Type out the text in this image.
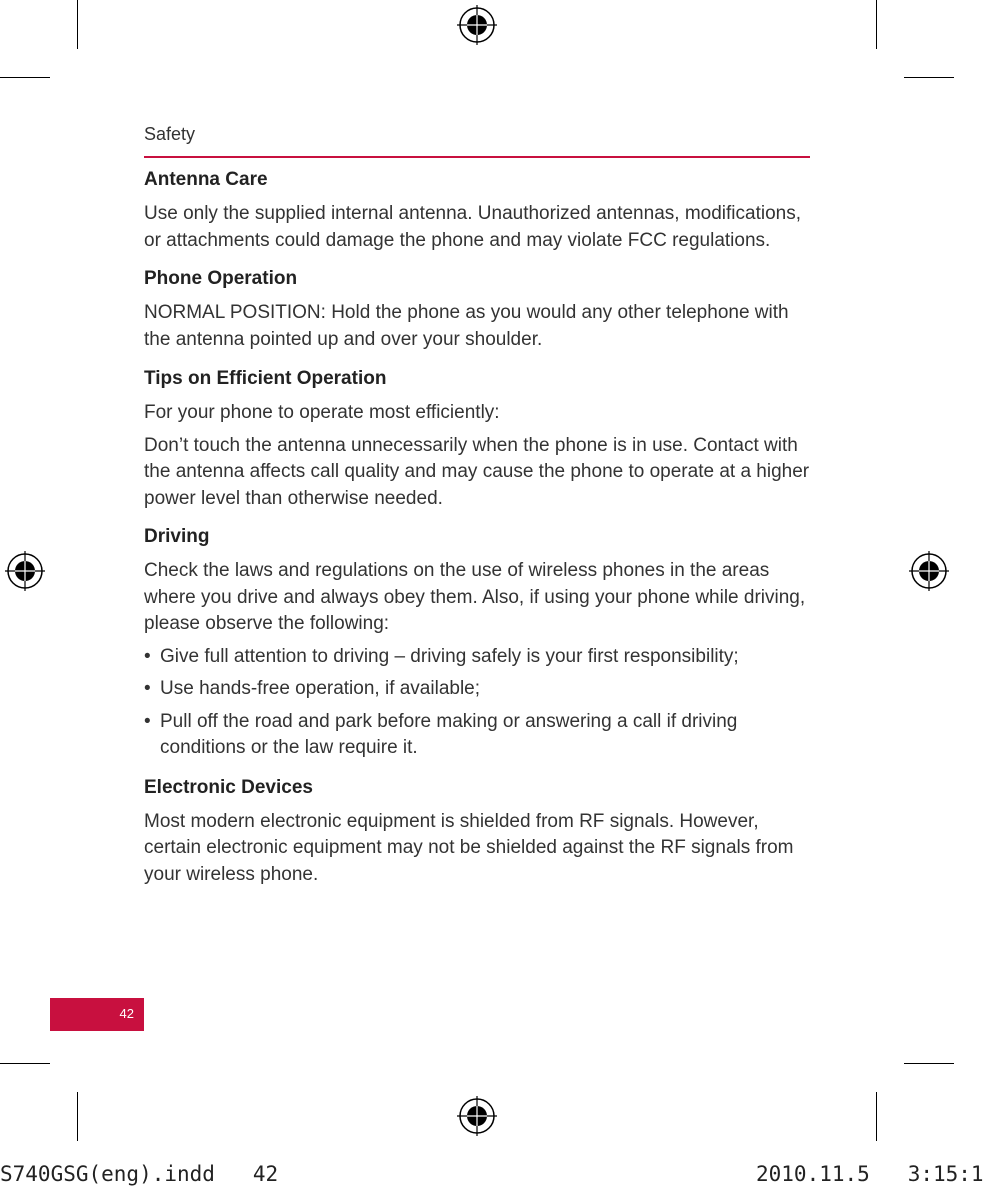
Safety
Antenna Care

Use only the supplied internal antenna. Unauthorized antennas, modifications, or attachments could damage the phone and may violate FCC regulations.

Phone Operation

NORMAL POSITION: Hold the phone as you would any other telephone with the antenna pointed up and over your shoulder.

Tips on Efficient Operation

For your phone to operate most efficiently:

Don’t touch the antenna unnecessarily when the phone is in use. Contact with the antenna affects call quality and may cause the phone to operate at a higher power level than otherwise needed.

Driving

Check the laws and regulations on the use of wireless phones in the areas where you drive and always obey them. Also, if using your phone while driving, please observe the following:

• Give full attention to driving – driving safely is your first responsibility;
• Use hands-free operation, if available;
• Pull off the road and park before making or answering a call if driving conditions or the law require it.
Electronic Devices

Most modern electronic equipment is shielded from RF signals. However, certain electronic equipment may not be shielded against the RF signals from your wireless phone.

42
S740GSG(eng).indd   42	2010.11.5   3:15:1
